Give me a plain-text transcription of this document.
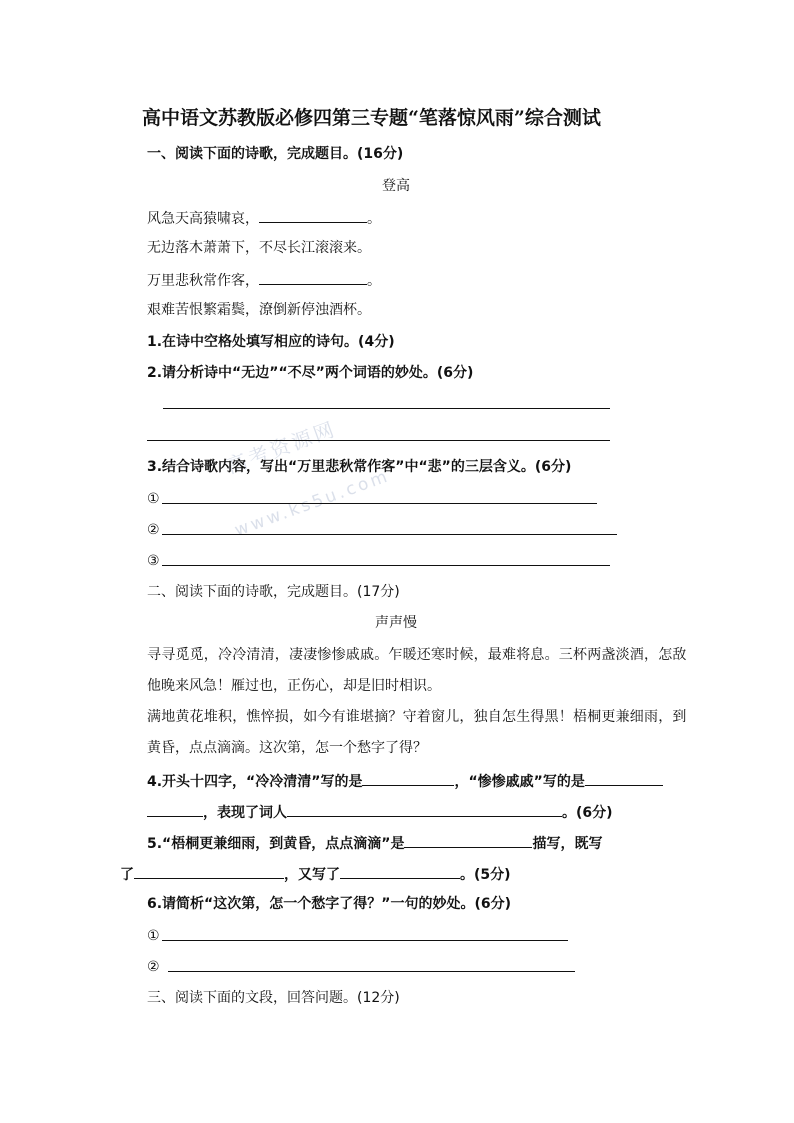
高考资源网
www.ks5u.com
高中语文苏教版必修四第三专题“笔落惊风雨”综合测试
一、阅读下面的诗歌，完成题目。(16分)
登高
风急天高猿啸哀，	。
无边落木萧萧下，不尽长江滚滚来。
万里悲秋常作客，	。
艰难苦恨繁霜鬓，潦倒新停浊酒杯。
1.在诗中空格处填写相应的诗句。(4分)
2.请分析诗中“无边”“不尽”两个词语的妙处。(6分)
3.结合诗歌内容，写出“万里悲秋常作客”中“悲”的三层含义。(6分)
①
②
③
二、阅读下面的诗歌，完成题目。(17分)
声声慢
寻寻觅觅，冷冷清清，凄凄惨惨戚戚。乍暖还寒时候，最难将息。三杯两盏淡酒，怎敌
他晚来风急！雁过也，正伤心，却是旧时相识。
满地黄花堆积，憔悴损，如今有谁堪摘？守着窗儿，独自怎生得黑！梧桐更兼细雨，到
黄昏，点点滴滴。这次第，怎一个愁字了得？
4.开头十四字，“冷冷清清”写的是	，“惨惨戚戚”写的是
，表现了词人	。(6分)
5.“梧桐更兼细雨，到黄昏，点点滴滴”是	描写，既写
了	，又写了	。(5分)
6.请简析“这次第，怎一个愁字了得？”一句的妙处。(6分)
①
②
三、阅读下面的文段，回答问题。(12分)
